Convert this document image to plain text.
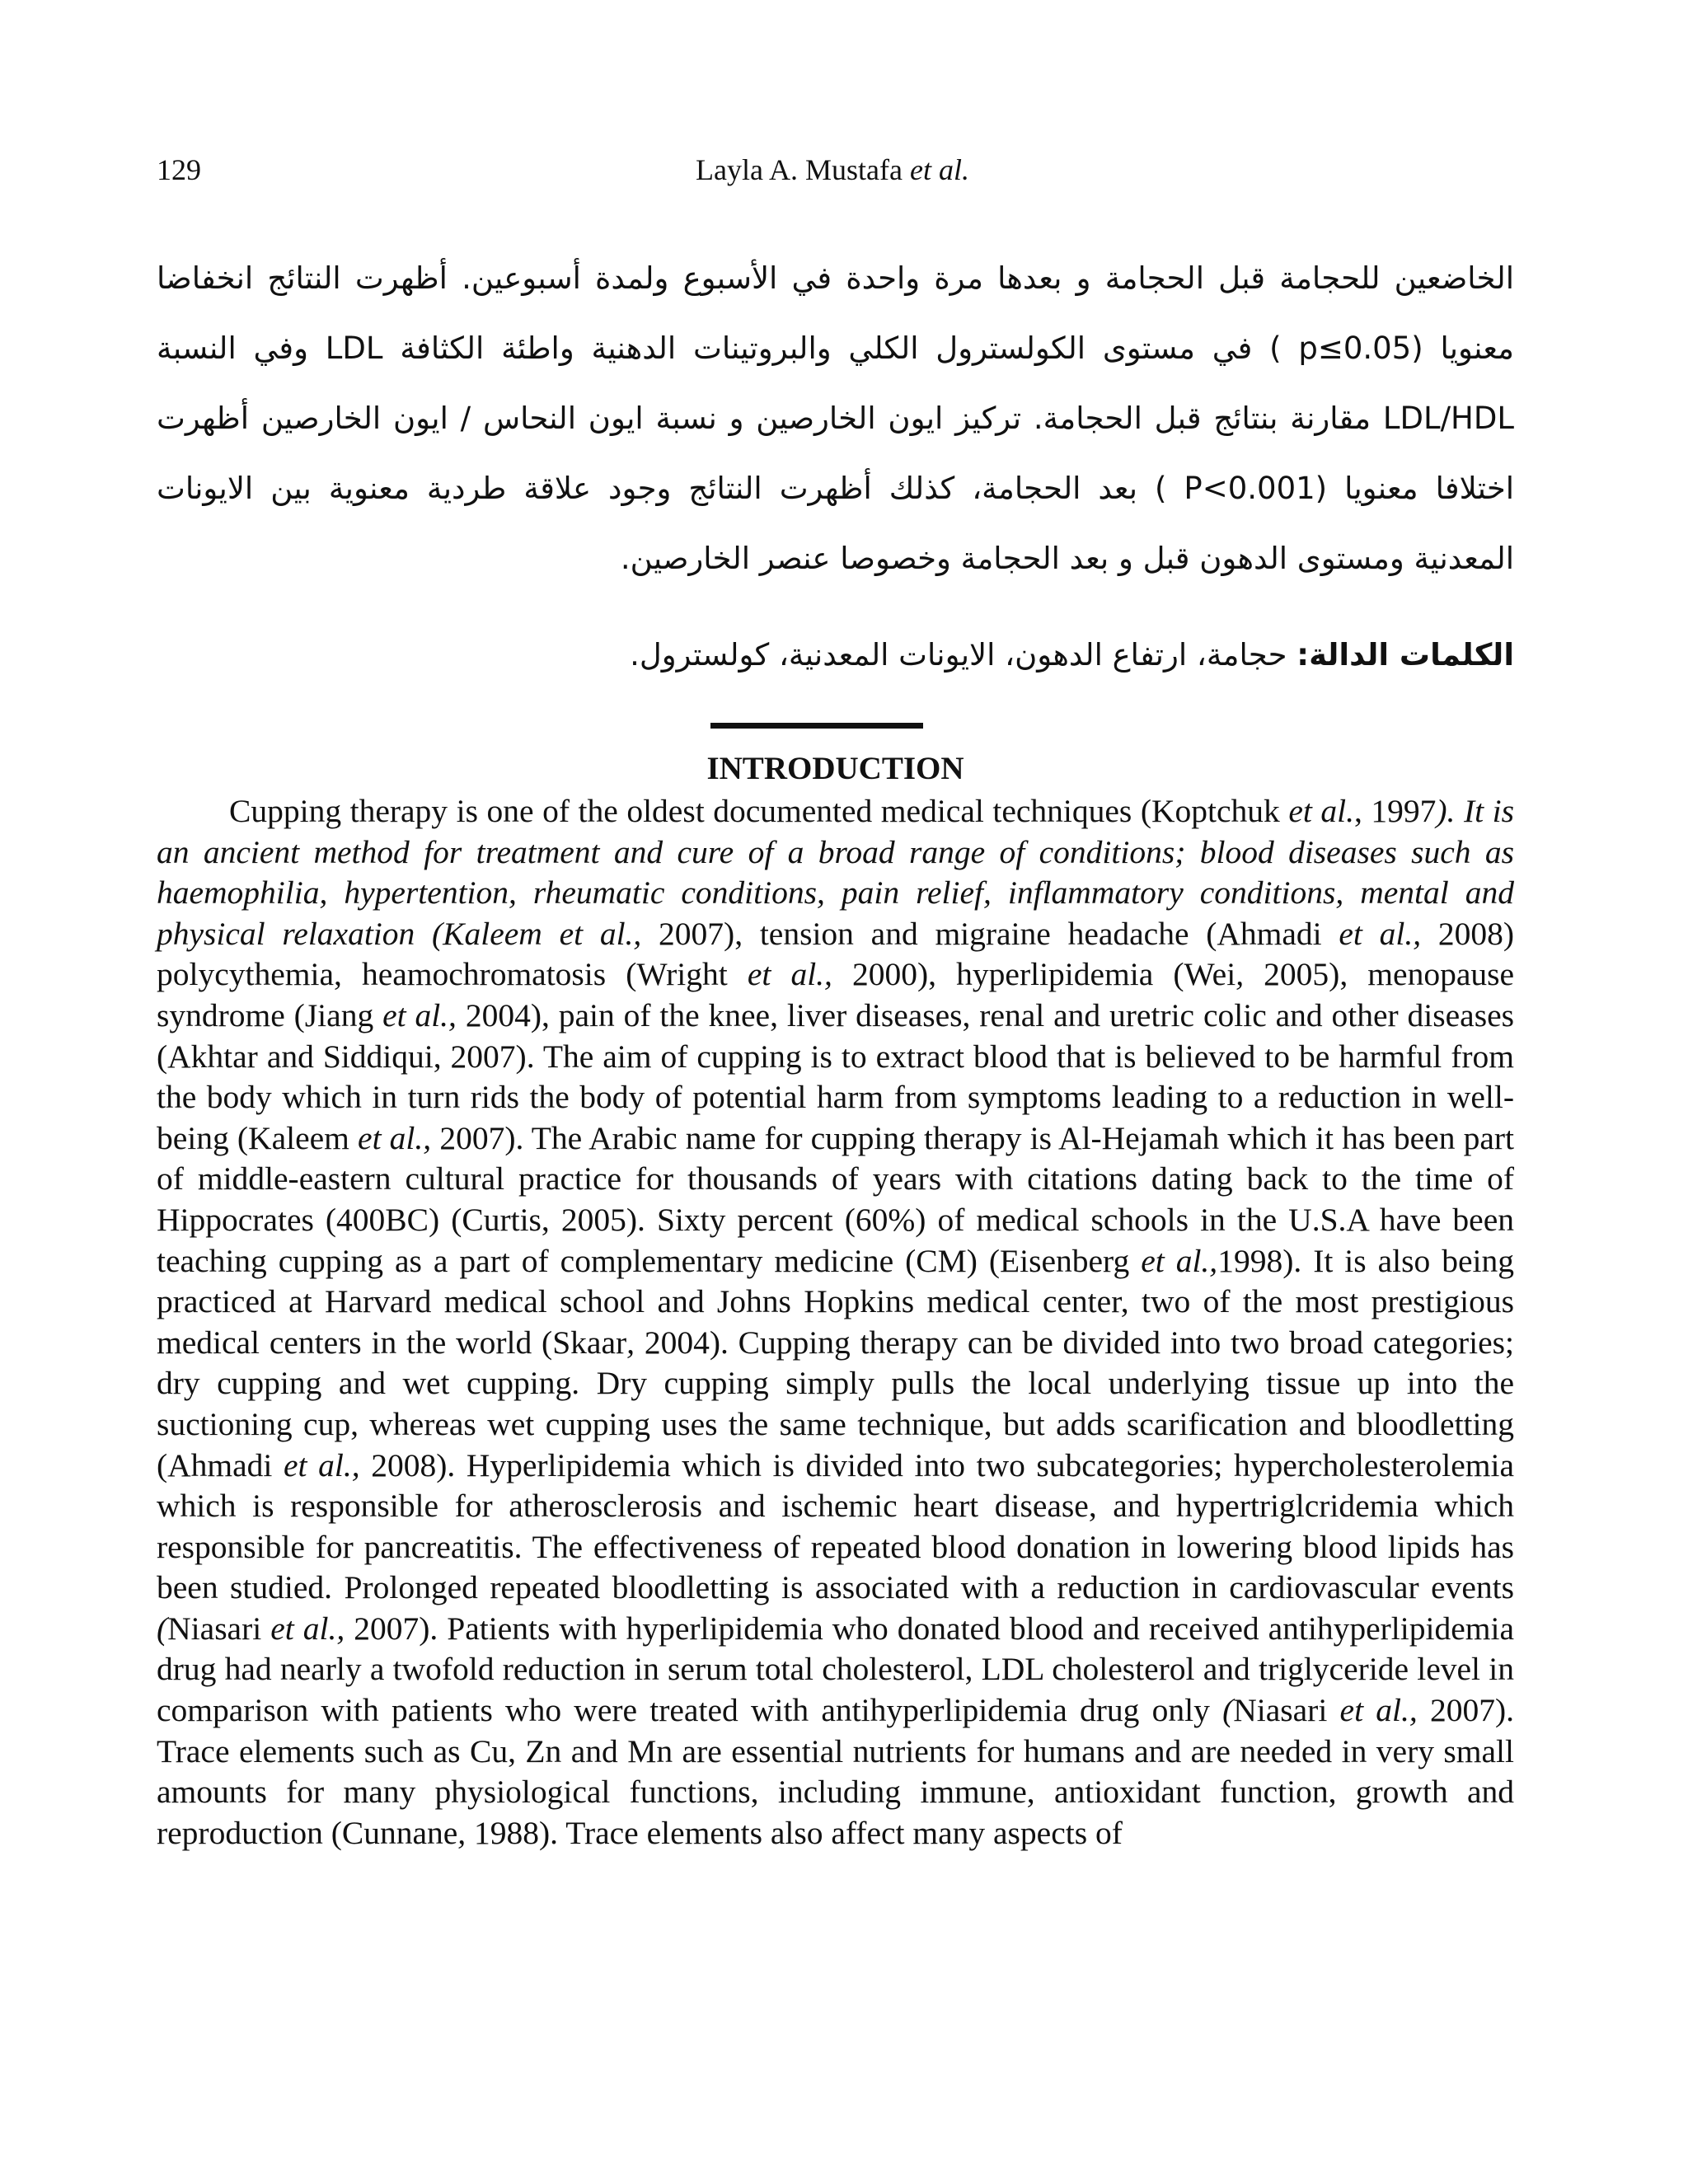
129	Layla A. Mustafa et al.

الخاضعين للحجامة قبل الحجامة و بعدها مرة واحدة في الأسبوع ولمدة أسبوعين. أظهرت النتائج انخفاضا معنويا (p≤0.05 ) في مستوى الكولسترول الكلي والبروتينات الدهنية واطئة الكثافة LDL وفي النسبة LDL/HDL مقارنة بنتائج قبل الحجامة. تركيز ايون الخارصين و نسبة ايون النحاس / ايون الخارصين أظهرت اختلافا معنويا (P<0.001 ) بعد الحجامة، كذلك أظهرت النتائج وجود علاقة طردية معنوية بين الايونات المعدنية ومستوى الدهون قبل و بعد الحجامة وخصوصا عنصر الخارصين.

الكلمات الدالة: حجامة، ارتفاع الدهون، الايونات المعدنية، كولسترول.
INTRODUCTION

Cupping therapy is one of the oldest documented medical techniques (Koptchuk et al., 1997). It is an ancient method for treatment and cure of a broad range of conditions; blood diseases such as haemophilia, hypertention, rheumatic conditions, pain relief, inflammatory conditions, mental and physical relaxation (Kaleem et al., 2007), tension and migraine headache (Ahmadi et al., 2008) polycythemia, heamochromatosis (Wright et al., 2000), hyperlipidemia (Wei, 2005), menopause syndrome (Jiang et al., 2004), pain of the knee, liver diseases, renal and uretric colic and other diseases (Akhtar and Siddiqui, 2007). The aim of cupping is to extract blood that is believed to be harmful from the body which in turn rids the body of potential harm from symptoms leading to a reduction in well-being (Kaleem et al., 2007). The Arabic name for cupping therapy is Al-Hejamah which it has been part of middle-eastern cultural practice for thousands of years with citations dating back to the time of Hippocrates (400BC) (Curtis, 2005). Sixty percent (60%) of medical schools in the U.S.A have been teaching cupping as a part of complementary medicine (CM) (Eisenberg et al.,1998). It is also being practiced at Harvard medical school and Johns Hopkins medical center, two of the most prestigious medical centers in the world (Skaar, 2004). Cupping therapy can be divided into two broad categories; dry cupping and wet cupping. Dry cupping simply pulls the local underlying tissue up into the suctioning cup, whereas wet cupping uses the same technique, but adds scarification and bloodletting (Ahmadi et al., 2008). Hyperlipidemia which is divided into two subcategories; hypercholesterolemia which is responsible for atherosclerosis and ischemic heart disease, and hypertriglcridemia which responsible for pancreatitis. The effectiveness of repeated blood donation in lowering blood lipids has been studied. Prolonged repeated bloodletting is associated with a reduction in cardiovascular events (Niasari et al., 2007). Patients with hyperlipidemia who donated blood and received antihyperlipidemia drug had nearly a twofold reduction in serum total cholesterol, LDL cholesterol and triglyceride level in comparison with patients who were treated with antihyperlipidemia drug only (Niasari et al., 2007). Trace elements such as Cu, Zn and Mn are essential nutrients for humans and are needed in very small amounts for many physiological functions, including immune, antioxidant function, growth and reproduction (Cunnane, 1988). Trace elements also affect many aspects of
